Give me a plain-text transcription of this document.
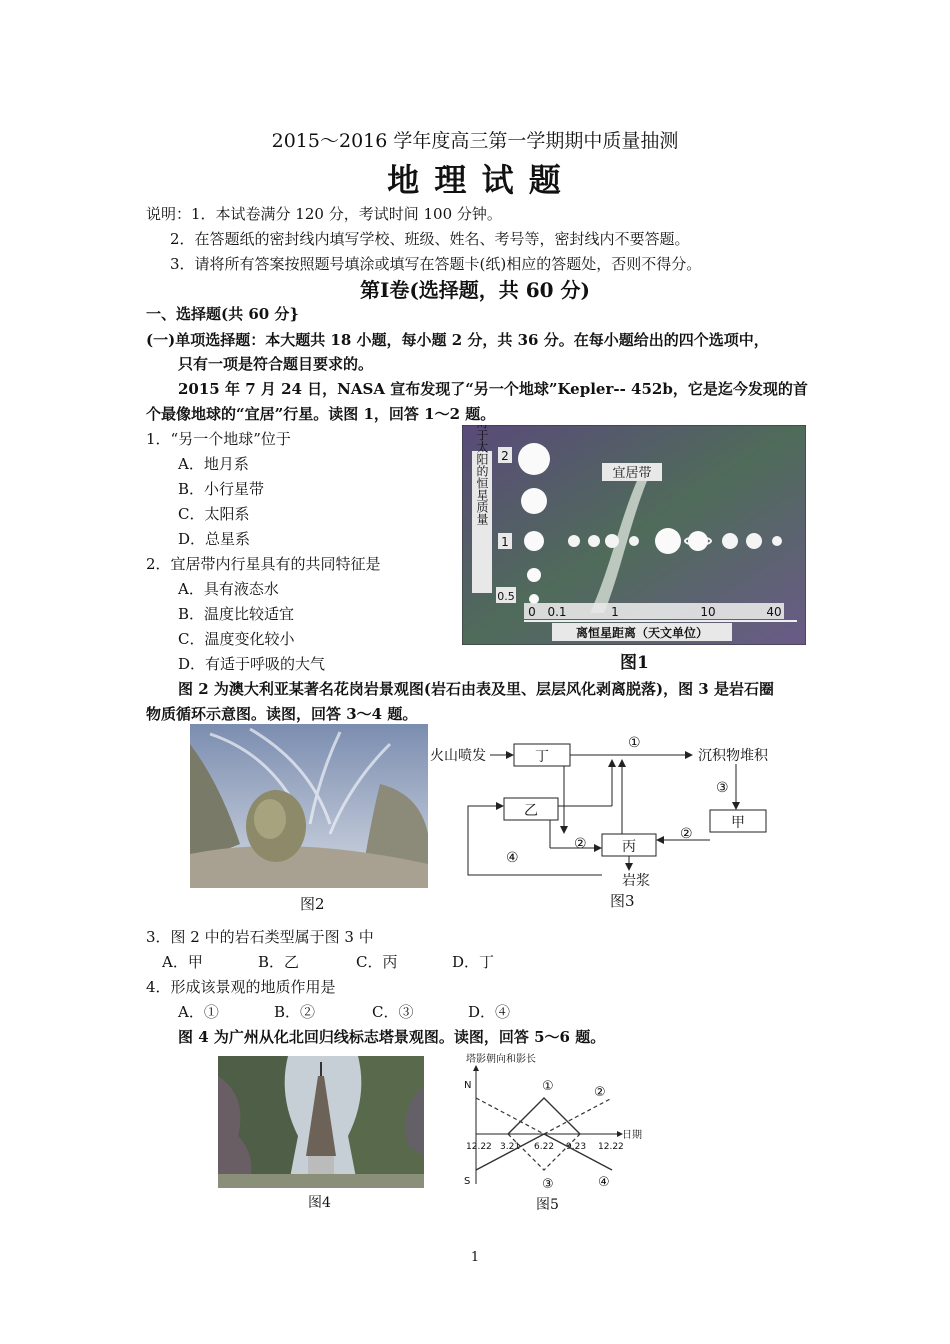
2015～2016 学年度高三第一学期期中质量抽测
地 理 试 题
说明：1．本试卷满分 120 分，考试时间 100 分钟。
2．在答题纸的密封线内填写学校、班级、姓名、考号等，密封线内不要答题。
3．请将所有答案按照题号填涂或填写在答题卡(纸)相应的答题处，否则不得分。
第Ⅰ卷(选择题，共 60 分)
一、选择题(共 60 分}
(一)单项选择题：本大题共 18 小题，每小题 2 分，共 36 分。在每小题给出的四个选项中，
只有一项是符合题目要求的。
2015 年 7 月 24 日，NASA 宣布发现了“另一个地球”Kepler-- 452b，它是迄今发现的首
个最像地球的“宜居”行星。读图 1，回答 1～2 题。
1．“另一个地球”位于
A．地月系
B．小行星带
C．太阳系
D．总星系
2．宜居带内行星具有的共同特征是
A．具有液态水
B．温度比较适宜
C．温度变化较小
D．有适于呼吸的大气
相对于太阳的恒星质量 2
1
0.5
宜居带
0 0.1	1	10	40
离恒星距离（天文单位）
图1
图 2 为澳大利亚某著名花岗岩景观图(岩石由表及里、层层风化剥离脱落)，图 3 是岩石圈
物质循环示意图。读图，回答 3～4 题。
图2
火山喷发	沉积物堆积
丁
乙
丙
甲
岩浆
①
③
②
②
④
图3
3．图 2 中的岩石类型属于图 3 中
A．甲	B．乙	C．丙	D．丁
4．形成该景观的地质作用是
A．①	B．②	C．③	D．④
图 4 为广州从化北回归线标志塔景观图。读图，回答 5～6 题。
图4
塔影朝向和影长
N
S
日期
12.22 3.21 6.22 9.23 12.22
①	②
③	④
图5
1
